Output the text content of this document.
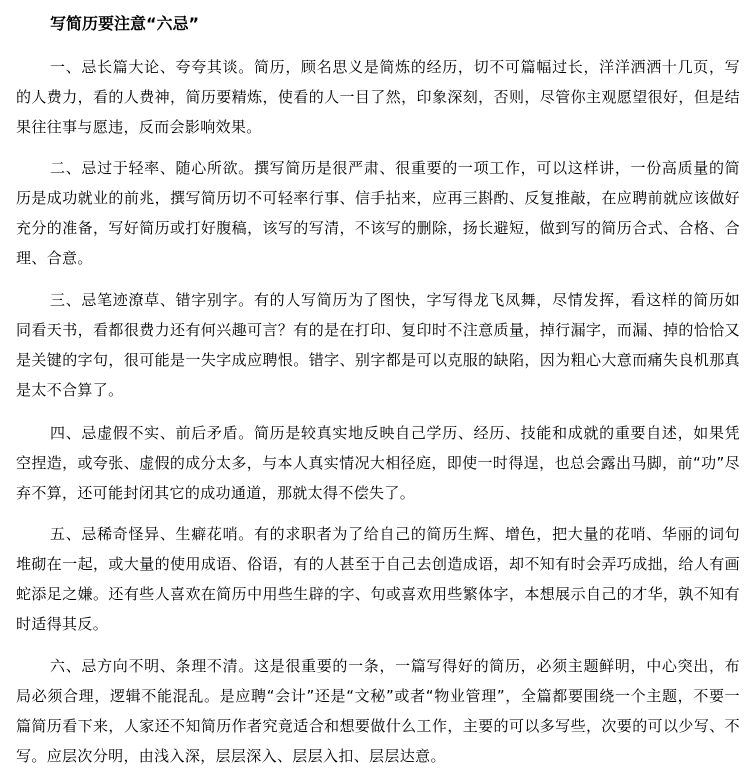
写简历要注意“六忌”

一、忌长篇大论、夸夸其谈。简历，顾名思义是简炼的经历，切不可篇幅过长，洋洋洒洒十几页，写的人费力，看的人费神，简历要精炼，使看的人一目了然，印象深刻，否则，尽管你主观愿望很好，但是结果往往事与愿违，反而会影响效果。

二、忌过于轻率、随心所欲。撰写简历是很严肃、很重要的一项工作，可以这样讲，一份高质量的简历是成功就业的前兆，撰写简历切不可轻率行事、信手拈来，应再三斟酌、反复推敲，在应聘前就应该做好充分的准备，写好简历或打好腹稿，该写的写清，不该写的删除，扬长避短，做到写的简历合式、合格、合理、合意。

三、忌笔迹潦草、错字别字。有的人写简历为了图快，字写得龙飞凤舞，尽情发挥，看这样的简历如同看天书，看都很费力还有何兴趣可言？有的是在打印、复印时不注意质量，掉行漏字，而漏、掉的恰恰又是关键的字句，很可能是一失字成应聘恨。错字、别字都是可以克服的缺陷，因为粗心大意而痛失良机那真是太不合算了。

四、忌虚假不实、前后矛盾。简历是较真实地反映自己学历、经历、技能和成就的重要自述，如果凭空捏造，或夸张、虚假的成分太多，与本人真实情况大相径庭，即使一时得逞，也总会露出马脚，前“功”尽弃不算，还可能封闭其它的成功通道，那就太得不偿失了。

五、忌稀奇怪异、生癖花哨。有的求职者为了给自己的简历生辉、增色，把大量的花哨、华丽的词句堆砌在一起，或大量的使用成语、俗语，有的人甚至于自己去创造成语，却不知有时会弄巧成拙，给人有画蛇添足之嫌。还有些人喜欢在简历中用些生辟的字、句或喜欢用些繁体字，本想展示自己的才华，孰不知有时适得其反。

六、忌方向不明、条理不清。这是很重要的一条，一篇写得好的简历，必须主题鲜明，中心突出，布局必须合理，逻辑不能混乱。是应聘“会计”还是“文秘”或者“物业管理”，全篇都要围绕一个主题，不要一篇简历看下来，人家还不知简历作者究竟适合和想要做什么工作，主要的可以多写些，次要的可以少写、不写。应层次分明，由浅入深，层层深入、层层入扣、层层达意。
